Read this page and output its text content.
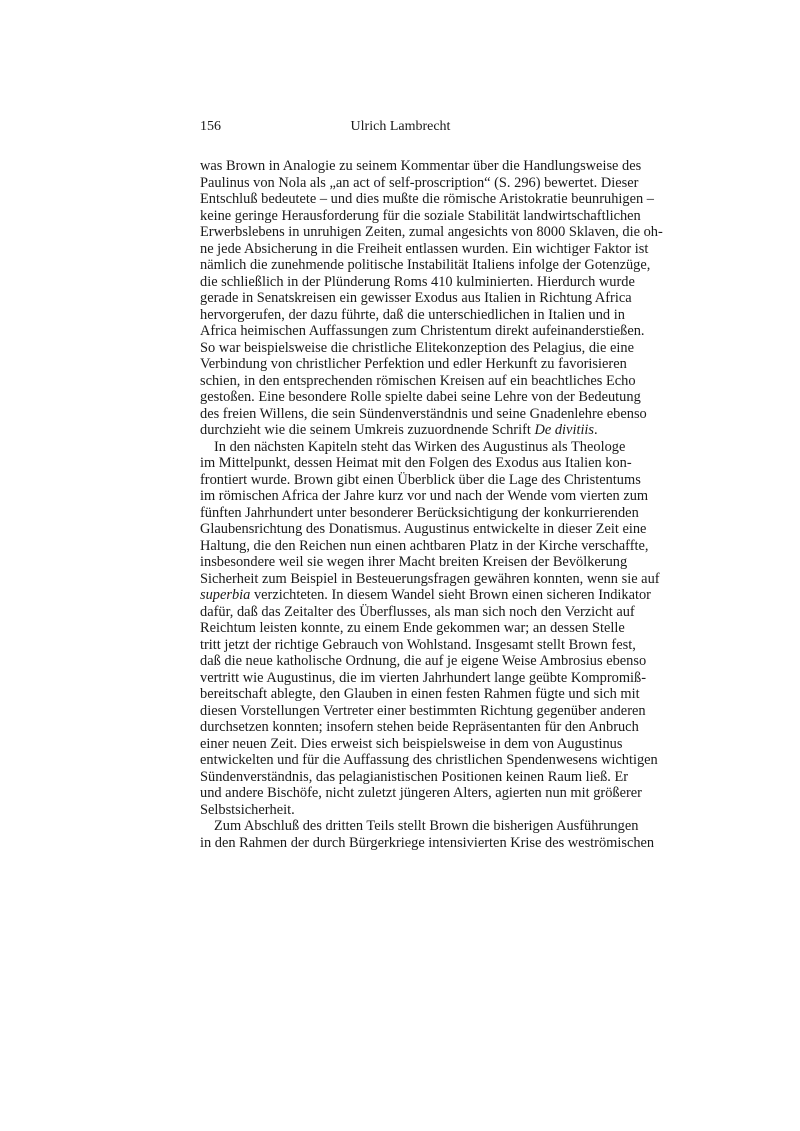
156	Ulrich Lambrecht
was Brown in Analogie zu seinem Kommentar über die Handlungsweise des
Paulinus von Nola als „an act of self-proscription“ (S. 296) bewertet. Dieser
Entschluß bedeutete – und dies mußte die römische Aristokratie beunruhigen –
keine geringe Herausforderung für die soziale Stabilität landwirtschaftlichen
Erwerbslebens in unruhigen Zeiten, zumal angesichts von 8000 Sklaven, die oh-
ne jede Absicherung in die Freiheit entlassen wurden. Ein wichtiger Faktor ist
nämlich die zunehmende politische Instabilität Italiens infolge der Gotenzüge,
die schließlich in der Plünderung Roms 410 kulminierten. Hierdurch wurde
gerade in Senatskreisen ein gewisser Exodus aus Italien in Richtung Africa
hervorgerufen, der dazu führte, daß die unterschiedlichen in Italien und in
Africa heimischen Auffassungen zum Christentum direkt aufeinanderstießen.
So war beispielsweise die christliche Elitekonzeption des Pelagius, die eine
Verbindung von christlicher Perfektion und edler Herkunft zu favorisieren
schien, in den entsprechenden römischen Kreisen auf ein beachtliches Echo
gestoßen. Eine besondere Rolle spielte dabei seine Lehre von der Bedeutung
des freien Willens, die sein Sündenverständnis und seine Gnadenlehre ebenso
durchzieht wie die seinem Umkreis zuzuordnende Schrift De divitiis.
In den nächsten Kapiteln steht das Wirken des Augustinus als Theologe
im Mittelpunkt, dessen Heimat mit den Folgen des Exodus aus Italien kon-
frontiert wurde. Brown gibt einen Überblick über die Lage des Christentums
im römischen Africa der Jahre kurz vor und nach der Wende vom vierten zum
fünften Jahrhundert unter besonderer Berücksichtigung der konkurrierenden
Glaubensrichtung des Donatismus. Augustinus entwickelte in dieser Zeit eine
Haltung, die den Reichen nun einen achtbaren Platz in der Kirche verschaffte,
insbesondere weil sie wegen ihrer Macht breiten Kreisen der Bevölkerung
Sicherheit zum Beispiel in Besteuerungsfragen gewähren konnten, wenn sie auf
superbia verzichteten. In diesem Wandel sieht Brown einen sicheren Indikator
dafür, daß das Zeitalter des Überflusses, als man sich noch den Verzicht auf
Reichtum leisten konnte, zu einem Ende gekommen war; an dessen Stelle
tritt jetzt der richtige Gebrauch von Wohlstand. Insgesamt stellt Brown fest,
daß die neue katholische Ordnung, die auf je eigene Weise Ambrosius ebenso
vertritt wie Augustinus, die im vierten Jahrhundert lange geübte Kompromiß-
bereitschaft ablegte, den Glauben in einen festen Rahmen fügte und sich mit
diesen Vorstellungen Vertreter einer bestimmten Richtung gegenüber anderen
durchsetzen konnten; insofern stehen beide Repräsentanten für den Anbruch
einer neuen Zeit. Dies erweist sich beispielsweise in dem von Augustinus
entwickelten und für die Auffassung des christlichen Spendenwesens wichtigen
Sündenverständnis, das pelagianistischen Positionen keinen Raum ließ. Er
und andere Bischöfe, nicht zuletzt jüngeren Alters, agierten nun mit größerer
Selbstsicherheit.
Zum Abschluß des dritten Teils stellt Brown die bisherigen Ausführungen
in den Rahmen der durch Bürgerkriege intensivierten Krise des weströmischen
